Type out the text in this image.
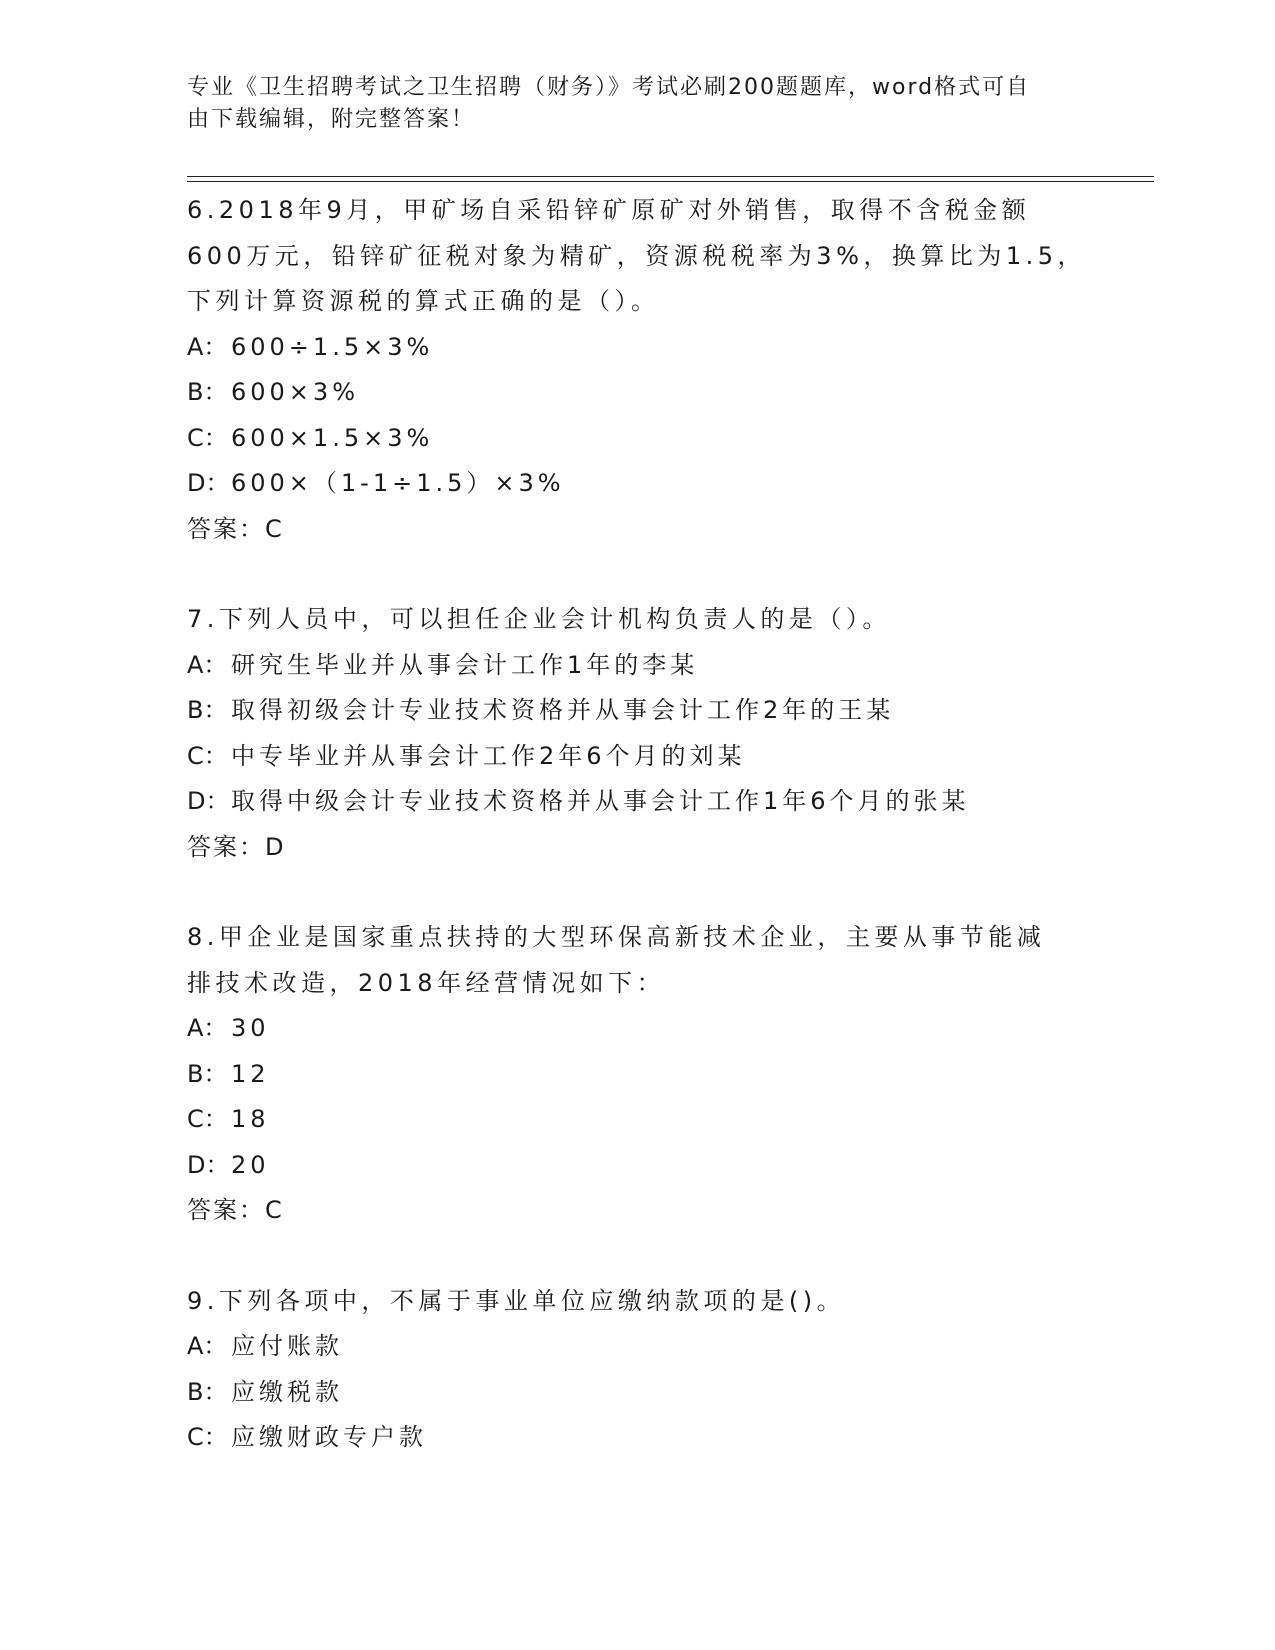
专业《卫生招聘考试之卫生招聘（财务）》考试必刷200题题库，word格式可自
由下载编辑，附完整答案！
6.2018年9月，甲矿场自采铅锌矿原矿对外销售，取得不含税金额
600万元，铅锌矿征税对象为精矿，资源税税率为3%，换算比为1.5，
下列计算资源税的算式正确的是（）。
A： 600÷1.5×3%
B： 600×3%
C： 600×1.5×3%
D：600×（1-1÷1.5）×3%
答案：C
7.下列人员中，可以担任企业会计机构负责人的是（）。
A： 研究生毕业并从事会计工作1年的李某
B： 取得初级会计专业技术资格并从事会计工作2年的王某
C： 中专毕业并从事会计工作2年6个月的刘某
D：取得中级会计专业技术资格并从事会计工作1年6个月的张某
答案：D
8.甲企业是国家重点扶持的大型环保高新技术企业，主要从事节能减
排技术改造，2018年经营情况如下：
A： 30
B： 12
C： 18
D：20
答案：C
9.下列各项中，不属于事业单位应缴纳款项的是()。
A： 应付账款
B： 应缴税款
C： 应缴财政专户款
